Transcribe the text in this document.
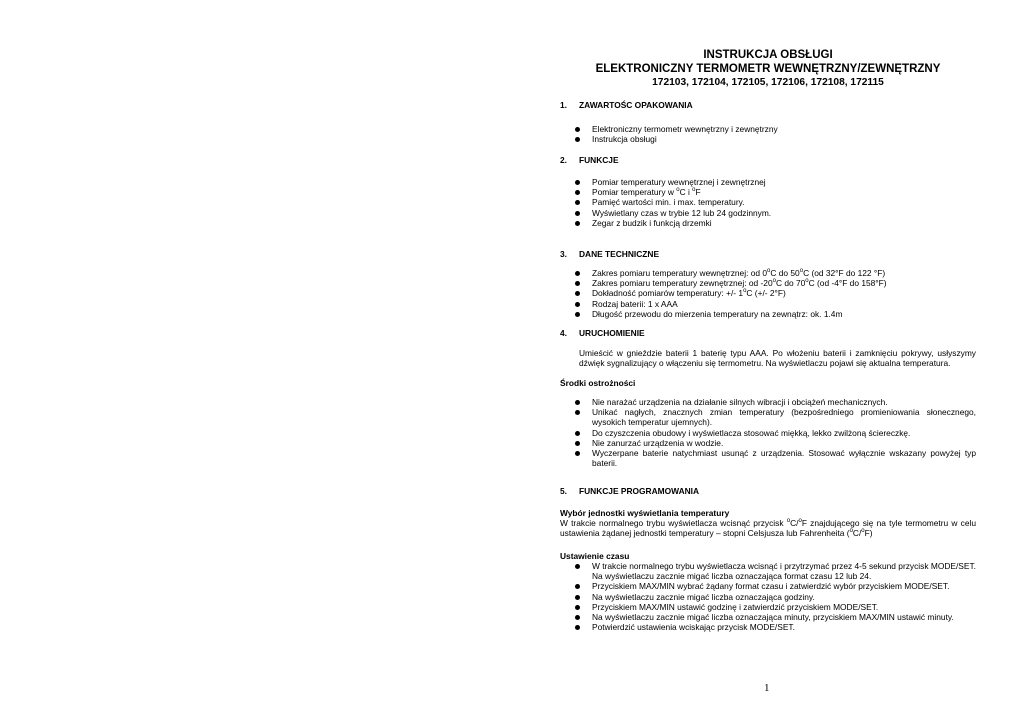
INSTRUKCJA OBSŁUGI
ELEKTRONICZNY TERMOMETR WEWNĘTRZNY/ZEWNĘTRZNY
172103, 172104, 172105, 172106, 172108, 172115
1. ZAWARTOŚC OPAKOWANIA
Elektroniczny termometr wewnętrzny i zewnętrzny
Instrukcja obsługi
2. FUNKCJE
Pomiar temperatury wewnętrznej i zewnętrznej
Pomiar temperatury w $^o$C i $^o$F
Pamięć wartości min. i max. temperatury.
Wyświetlany czas w trybie 12 lub 24 godzinnym.
Zegar z budzik i funkcją drzemki
3. DANE TECHNICZNE
Zakres pomiaru temperatury wewnętrznej: od 0$^o$C do 50$^o$C (od 32°F do 122 °F)
Zakres pomiaru temperatury zewnętrznej: od -20$^o$C do 70$^o$C (od -4°F do 158°F)
Dokładność pomiarów temperatury: +/- 1$^o$C (+/- 2°F)
Rodzaj baterii: 1 x AAA
Długość przewodu do mierzenia temperatury na zewnątrz: ok. 1.4m
4. URUCHOMIENIE
Umieścić w gnieździe baterii 1 baterię typu AAA. Po włożeniu baterii i zamknięciu pokrywy, usłyszymy dźwięk sygnalizujący o włączeniu się termometru. Na wyświetlaczu pojawi się aktualna temperatura.
Środki ostrożności
Nie narażać urządzenia na działanie silnych wibracji i obciążeń mechanicznych.
Unikać nagłych, znacznych zmian temperatury (bezpośredniego promieniowania słonecznego, wysokich temperatur ujemnych).
Do czyszczenia obudowy i wyświetlacza stosować miękką, lekko zwilżoną ściereczkę.
Nie zanurzać urządzenia w wodzie.
Wyczerpane baterie natychmiast usunąć z urządzenia. Stosować wyłącznie wskazany powyżej typ baterii.
5. FUNKCJE PROGRAMOWANIA
Wybór jednostki wyświetlania temperatury
W trakcie normalnego trybu wyświetlacza wcisnąć przycisk $^o$C/$^o$F znajdującego się na tyle termometru w celu ustawienia żądanej jednostki temperatury – stopni Celsjusza lub Fahrenheita ($^o$C/$^o$F)
Ustawienie czasu
W trakcie normalnego trybu wyświetlacza wcisnąć i przytrzymać przez 4-5 sekund przycisk MODE/SET. Na wyświetlaczu zacznie migać liczba oznaczająca format czasu 12 lub 24.
Przyciskiem MAX/MIN wybrać żądany format czasu i zatwierdzić wybór przyciskiem MODE/SET.
Na wyświetlaczu zacznie migać liczba oznaczająca godziny.
Przyciskiem MAX/MIN ustawić godzinę i zatwierdzić przyciskiem MODE/SET.
Na wyświetlaczu zacznie migać liczba oznaczająca minuty, przyciskiem MAX/MIN ustawić minuty.
Potwierdzić ustawienia wciskając przycisk MODE/SET.
1
